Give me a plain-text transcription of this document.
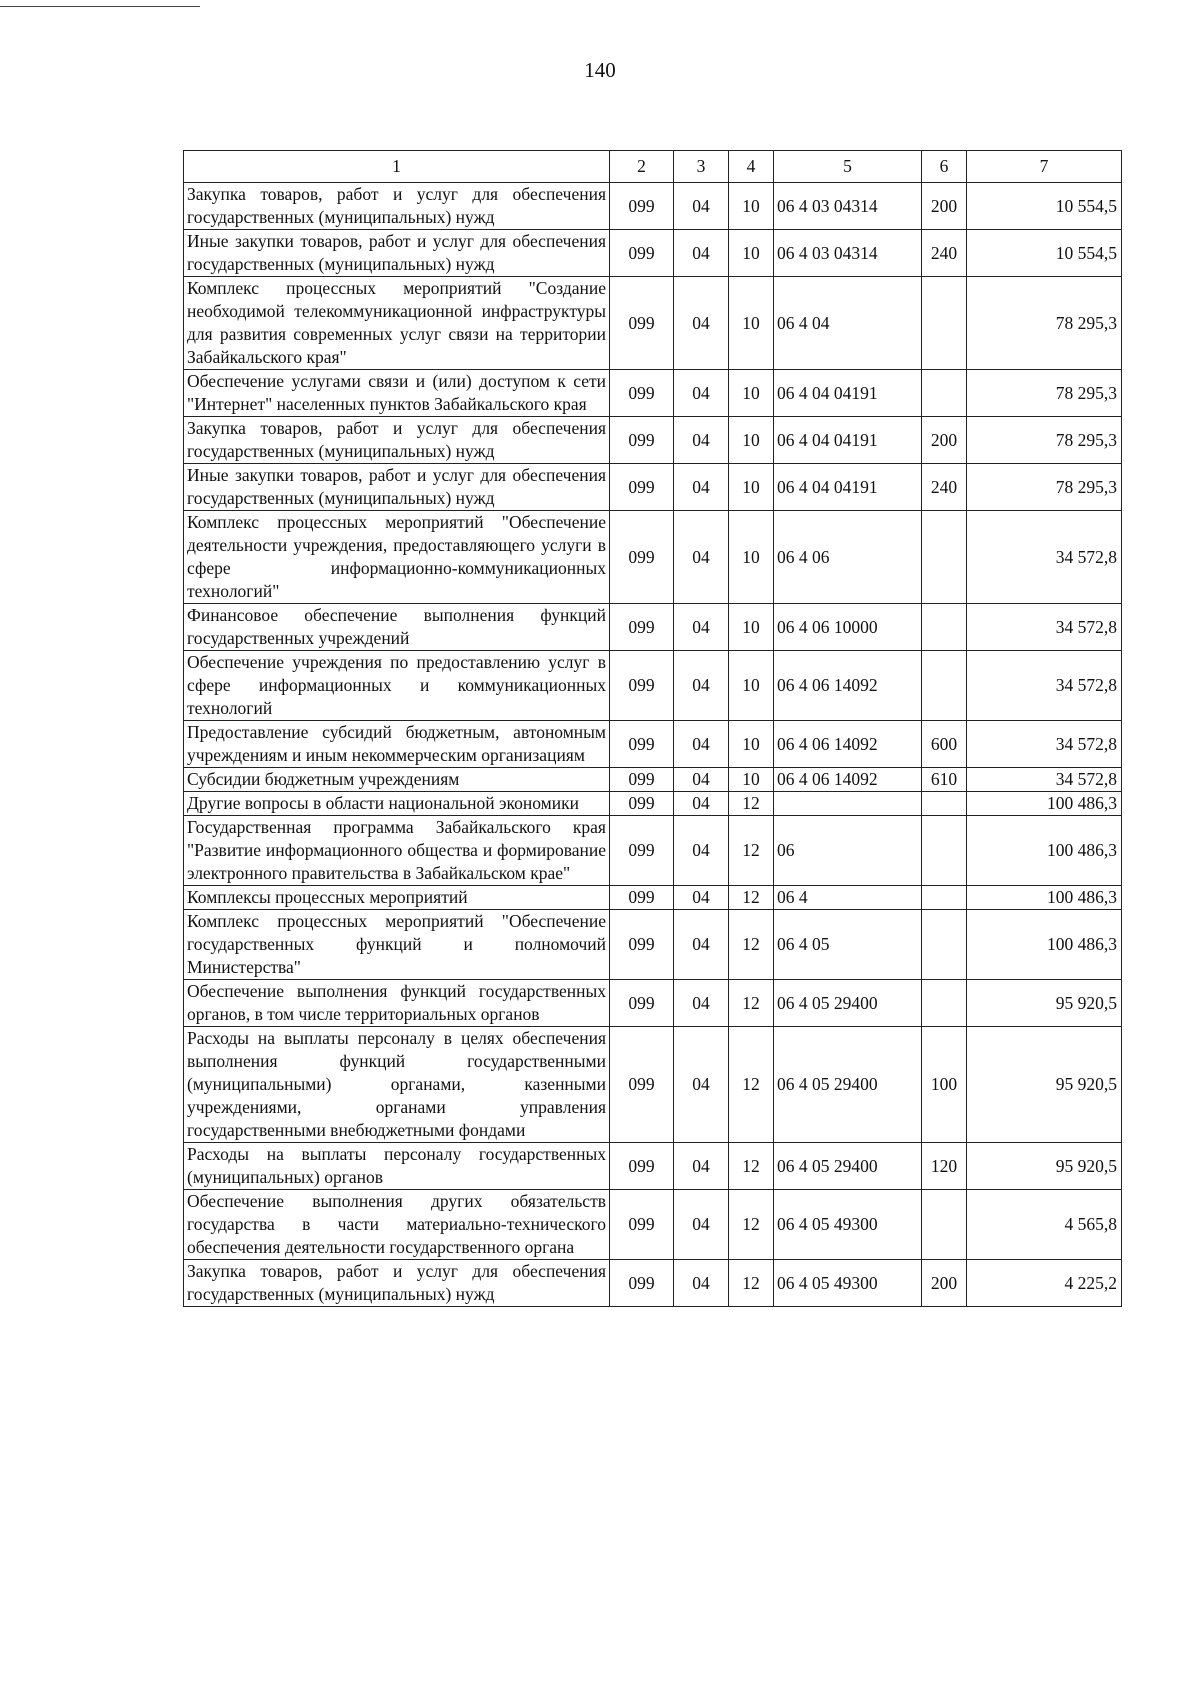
140
1	2	3	4	5	6	7
Закупка товаров, работ и услуг для обеспечения государственных (муниципальных) нужд	099	04	10	06 4 03 04314	200	10 554,5
Иные закупки товаров, работ и услуг для обеспечения государственных (муниципальных) нужд	099	04	10	06 4 03 04314	240	10 554,5
Комплекс процессных мероприятий "Создание необходимой телекоммуникационной инфраструктуры для развития современных услуг связи на территории Забайкальского края"	099	04	10	06 4 04		78 295,3
Обеспечение услугами связи и (или) доступом к сети "Интернет" населенных пунктов Забайкальского края	099	04	10	06 4 04 04191		78 295,3
Закупка товаров, работ и услуг для обеспечения государственных (муниципальных) нужд	099	04	10	06 4 04 04191	200	78 295,3
Иные закупки товаров, работ и услуг для обеспечения государственных (муниципальных) нужд	099	04	10	06 4 04 04191	240	78 295,3
Комплекс процессных мероприятий "Обеспечение деятельности учреждения, предоставляющего услуги в сфере информационно-коммуникационных технологий"	099	04	10	06 4 06		34 572,8
Финансовое обеспечение выполнения функций государственных учреждений	099	04	10	06 4 06 10000		34 572,8
Обеспечение учреждения по предоставлению услуг в сфере информационных и коммуникационных технологий	099	04	10	06 4 06 14092		34 572,8
Предоставление субсидий бюджетным, автономным учреждениям и иным некоммерческим организациям	099	04	10	06 4 06 14092	600	34 572,8
Субсидии бюджетным учреждениям	099	04	10	06 4 06 14092	610	34 572,8
Другие вопросы в области национальной экономики	099	04	12			100 486,3
Государственная программа Забайкальского края "Развитие информационного общества и формирование электронного правительства в Забайкальском крае"	099	04	12	06		100 486,3
Комплексы процессных мероприятий	099	04	12	06 4		100 486,3
Комплекс процессных мероприятий "Обеспечение государственных функций и полномочий Министерства"	099	04	12	06 4 05		100 486,3
Обеспечение выполнения функций государственных органов, в том числе территориальных органов	099	04	12	06 4 05 29400		95 920,5
Расходы на выплаты персоналу в целях обеспечения выполнения функций государственными (муниципальными) органами, казенными учреждениями, органами управления государственными внебюджетными фондами	099	04	12	06 4 05 29400	100	95 920,5
Расходы на выплаты персоналу государственных (муниципальных) органов	099	04	12	06 4 05 29400	120	95 920,5
Обеспечение выполнения других обязательств государства в части материально-технического обеспечения деятельности государственного органа	099	04	12	06 4 05 49300		4 565,8
Закупка товаров, работ и услуг для обеспечения государственных (муниципальных) нужд	099	04	12	06 4 05 49300	200	4 225,2
